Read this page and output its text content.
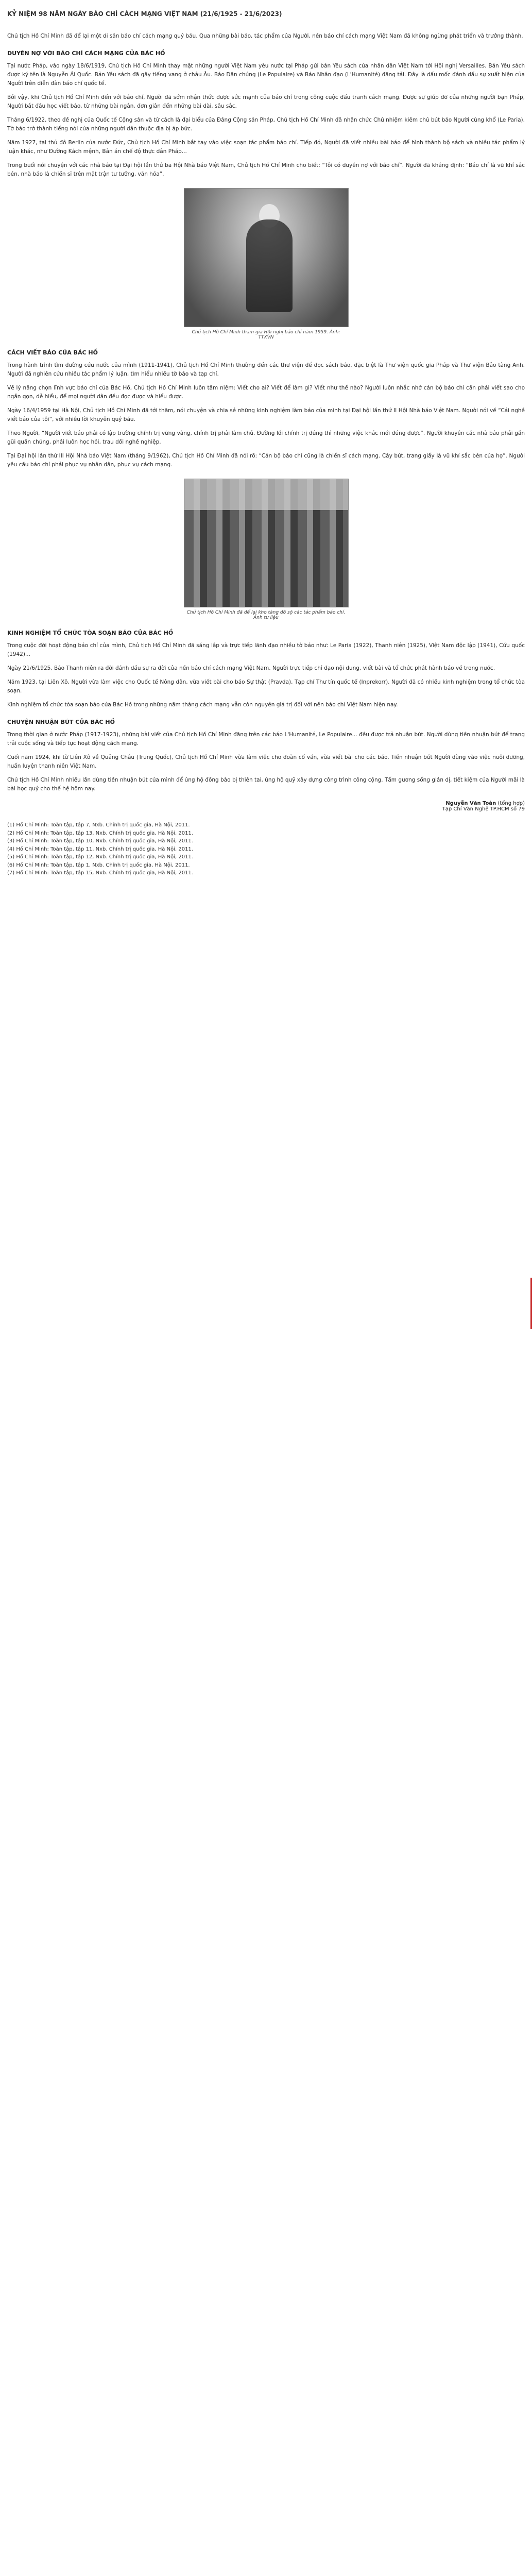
KỶ NIỆM 98 NĂM NGÀY BÁO CHÍ CÁCH MẠNG VIỆT NAM (21/6/1925 - 21/6/2023)

Chủ tịch Hồ Chí Minh đã để lại một di sản báo chí cách mạng quý báu. Qua những bài báo, tác phẩm của Người, nền báo chí cách mạng Việt Nam đã không ngừng phát triển và trưởng thành.

DUYÊN NỢ VỚI BÁO CHÍ CÁCH MẠNG CỦA BÁC HỒ

Tại nước Pháp, vào ngày 18/6/1919, Chủ tịch Hồ Chí Minh thay mặt những người Việt Nam yêu nước tại Pháp gửi bản Yêu sách của nhân dân Việt Nam tới Hội nghị Versailles. Bản Yêu sách được ký tên là Nguyễn Ái Quốc. Bản Yêu sách đã gây tiếng vang ở châu Âu. Báo Dân chúng (Le Populaire) và Báo Nhân đạo (L'Humanité) đăng tải. Đây là dấu mốc đánh dấu sự xuất hiện của Người trên diễn đàn báo chí quốc tế.

Bởi vậy, khi Chủ tịch Hồ Chí Minh đến với báo chí, Người đã sớm nhận thức được sức mạnh của báo chí trong công cuộc đấu tranh cách mạng. Được sự giúp đỡ của những người bạn Pháp, Người bắt đầu học viết báo, từ những bài ngắn, đơn giản đến những bài dài, sâu sắc.

Tháng 6/1922, theo đề nghị của Quốc tế Cộng sản và từ cách là đại biểu của Đảng Cộng sản Pháp, Chủ tịch Hồ Chí Minh đã nhận chức Chủ nhiệm kiêm chủ bút báo Người cùng khổ (Le Paria). Tờ báo trở thành tiếng nói của những người dân thuộc địa bị áp bức.

Năm 1927, tại thủ đô Berlin của nước Đức, Chủ tịch Hồ Chí Minh bắt tay vào việc soạn tác phẩm báo chí. Tiếp đó, Người đã viết nhiều bài báo để hình thành bộ sách và nhiều tác phẩm lý luận khác, như Đường Kách mệnh, Bản án chế độ thực dân Pháp...

Trong buổi nói chuyện với các nhà báo tại Đại hội lần thứ ba Hội Nhà báo Việt Nam, Chủ tịch Hồ Chí Minh cho biết: “Tôi có duyên nợ với báo chí”. Người đã khẳng định: “Báo chí là vũ khí sắc bén, nhà báo là chiến sĩ trên mặt trận tư tưởng, văn hóa”.

Chủ tịch Hồ Chí Minh tham gia Hội nghị báo chí năm 1959. Ảnh: TTXVN
CÁCH VIẾT BÁO CỦA BÁC HỒ

Trong hành trình tìm đường cứu nước của mình (1911-1941), Chủ tịch Hồ Chí Minh thường đến các thư viện để đọc sách báo, đặc biệt là Thư viện quốc gia Pháp và Thư viện Bảo tàng Anh. Người đã nghiên cứu nhiều tác phẩm lý luận, tìm hiểu nhiều tờ báo và tạp chí.

Về lý năng chọn lĩnh vực báo chí của Bác Hồ, Chủ tịch Hồ Chí Minh luôn tâm niệm: Viết cho ai? Viết để làm gì? Viết như thế nào? Người luôn nhắc nhở cán bộ báo chí cần phải viết sao cho ngắn gọn, dễ hiểu, để mọi người dân đều đọc được và hiểu được.

Ngày 16/4/1959 tại Hà Nội, Chủ tịch Hồ Chí Minh đã tới thăm, nói chuyện và chia sẻ những kinh nghiệm làm báo của mình tại Đại hội lần thứ II Hội Nhà báo Việt Nam. Người nói về “Cái nghề viết báo của tôi”, với nhiều lời khuyên quý báu.

Theo Người, “Người viết báo phải có lập trường chính trị vững vàng, chính trị phải làm chủ. Đường lối chính trị đúng thì những việc khác mới đúng được”. Người khuyên các nhà báo phải gần gũi quần chúng, phải luôn học hỏi, trau dồi nghề nghiệp.

Tại Đại hội lần thứ III Hội Nhà báo Việt Nam (tháng 9/1962), Chủ tịch Hồ Chí Minh đã nói rõ: “Cán bộ báo chí cũng là chiến sĩ cách mạng. Cây bút, trang giấy là vũ khí sắc bén của họ”. Người yêu cầu báo chí phải phục vụ nhân dân, phục vụ cách mạng.

Chủ tịch Hồ Chí Minh đã để lại kho tàng đồ sộ các tác phẩm báo chí. Ảnh tư liệu
KINH NGHIỆM TỔ CHỨC TÒA SOẠN BÁO CỦA BÁC HỒ

Trong cuộc đời hoạt động báo chí của mình, Chủ tịch Hồ Chí Minh đã sáng lập và trực tiếp lãnh đạo nhiều tờ báo như: Le Paria (1922), Thanh niên (1925), Việt Nam độc lập (1941), Cứu quốc (1942)...

Ngày 21/6/1925, Báo Thanh niên ra đời đánh dấu sự ra đời của nền báo chí cách mạng Việt Nam. Người trực tiếp chỉ đạo nội dung, viết bài và tổ chức phát hành báo về trong nước.

Năm 1923, tại Liên Xô, Người vừa làm việc cho Quốc tế Nông dân, vừa viết bài cho báo Sự thật (Pravda), Tạp chí Thư tín quốc tế (Inprekorr). Người đã có nhiều kinh nghiệm trong tổ chức tòa soạn.

Kinh nghiệm tổ chức tòa soạn báo của Bác Hồ trong những năm tháng cách mạng vẫn còn nguyên giá trị đối với nền báo chí Việt Nam hiện nay.

CHUYỆN NHUẬN BÚT CỦA BÁC HỒ

Trong thời gian ở nước Pháp (1917-1923), những bài viết của Chủ tịch Hồ Chí Minh đăng trên các báo L'Humanité, Le Populaire... đều được trả nhuận bút. Người dùng tiền nhuận bút để trang trải cuộc sống và tiếp tục hoạt động cách mạng.

Cuối năm 1924, khi từ Liên Xô về Quảng Châu (Trung Quốc), Chủ tịch Hồ Chí Minh vừa làm việc cho đoàn cố vấn, vừa viết bài cho các báo. Tiền nhuận bút Người dùng vào việc nuôi dưỡng, huấn luyện thanh niên Việt Nam.

Chủ tịch Hồ Chí Minh nhiều lần dùng tiền nhuận bút của mình để ủng hộ đồng bào bị thiên tai, ủng hộ quỹ xây dựng công trình công cộng. Tấm gương sống giản dị, tiết kiệm của Người mãi là bài học quý cho thế hệ hôm nay.

Nguyễn Văn Toàn (tổng hợp)
Tạp Chí Văn Nghệ TP.HCM số 79
(1) Hồ Chí Minh: Toàn tập, tập 7, Nxb. Chính trị quốc gia, Hà Nội, 2011.
(2) Hồ Chí Minh: Toàn tập, tập 13, Nxb. Chính trị quốc gia, Hà Nội, 2011.
(3) Hồ Chí Minh: Toàn tập, tập 10, Nxb. Chính trị quốc gia, Hà Nội, 2011.
(4) Hồ Chí Minh: Toàn tập, tập 11, Nxb. Chính trị quốc gia, Hà Nội, 2011.
(5) Hồ Chí Minh: Toàn tập, tập 12, Nxb. Chính trị quốc gia, Hà Nội, 2011.
(6) Hồ Chí Minh: Toàn tập, tập 1, Nxb. Chính trị quốc gia, Hà Nội, 2011.
(7) Hồ Chí Minh: Toàn tập, tập 15, Nxb. Chính trị quốc gia, Hà Nội, 2011.
